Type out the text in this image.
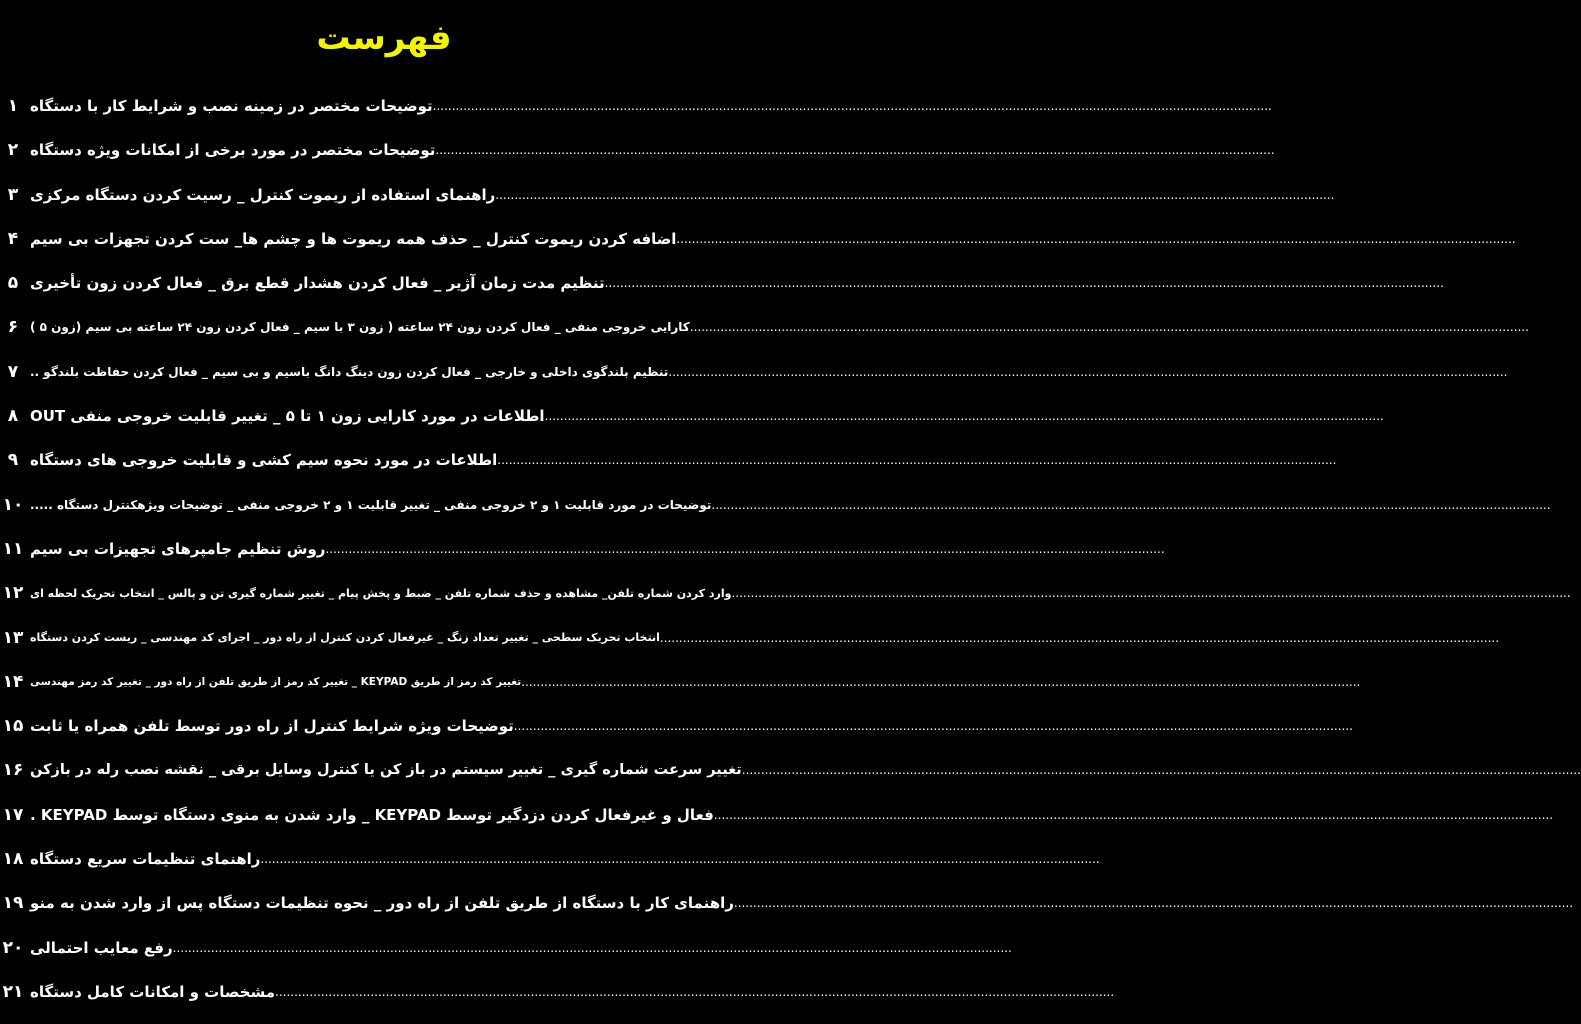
فهرست
۱ توضیحات مختصر در زمینه نصب و شرایط کار با دستگاه ............................................................................................................................................................................................................................
۲ توضیحات مختصر در مورد برخی از امکانات ویژه دستگاه ............................................................................................................................................................................................................................
۳ راهنمای استفاده از ریموت کنترل _ رسیت کردن دستگاه مرکزی ............................................................................................................................................................................................................................
۴ اضافه کردن ریموت کنترل _ حذف همه ریموت ها و چشم ها_ ست کردن تجهزات بی سیم ............................................................................................................................................................................................................................
۵ تنظیم مدت زمان آژیر _ فعال کردن هشدار قطع برق _ فعال کردن زون تأخیری ............................................................................................................................................................................................................................
۶ کارایی خروجی منفی _ فعال کردن زون ۲۴ ساعته ( زون ۳ با سیم _ فعال کردن زون ۲۴ ساعته بی سیم (زون ۵ ) ............................................................................................................................................................................................................................
۷ تنظیم بلندگوی داخلی و خارجی _ فعال کردن زون دینگ دانگ باسیم و بی سیم _ فعال کردن حفاظت بلندگو .. ............................................................................................................................................................................................................................
۸ اطلاعات در مورد کارایی زون ۱ تا ۵ _ تغییر قابلیت خروجی منفی OUT ............................................................................................................................................................................................................................
۹ اطلاعات در مورد نحوه سیم کشی و قابلیت خروجی های دستگاه ............................................................................................................................................................................................................................
۱۰ توضیحات در مورد قابلیت ۱ و ۲ خروجی منفی _ تغییر قابلیت ۱ و ۲ خروجی منفی _ توضیحات ویژهکنترل دستگاه ..... ............................................................................................................................................................................................................................
۱۱ روش تنظیم جامپرهای تجهیزات بی سیم ............................................................................................................................................................................................................................
۱۲ وارد کردن شماره تلفن_ مشاهده و حذف شماره تلفن _ ضبط و پخش پیام _ تغییر شماره گیری تن و پالس _ انتخاب تحریک لحظه ای ............................................................................................................................................................................................................................
۱۳ انتخاب تحریک سطحی _ تغییر تعداد زنگ _ غیرفعال کردن کنترل از راه دور _ اجرای کد مهندسی _ ریست کردن دستگاه ............................................................................................................................................................................................................................
۱۴ تغییر کد رمز از طریق KEYPAD _ تغییر کد رمز از طریق تلفن از راه دور _ تغییر کد رمز مهندسی ............................................................................................................................................................................................................................
۱۵ توضیحات ویژه شرایط کنترل از راه دور توسط تلفن همراه یا ثابت ............................................................................................................................................................................................................................
۱۶ تغییر سرعت شماره گیری _ تغییر سیستم در باز کن یا کنترل وسایل برقی _ نقشه نصب رله در بازکن ............................................................................................................................................................................................................................
۱۷ فعال و غیرفعال کردن دزدگیر توسط KEYPAD _ وارد شدن به منوی دستگاه توسط KEYPAD . ............................................................................................................................................................................................................................
۱۸ راهنمای تنظیمات سریع دستگاه ............................................................................................................................................................................................................................
۱۹ راهنمای کار با دستگاه از طریق تلفن از راه دور _ نحوه تنظیمات دستگاه پس از وارد شدن به منو ............................................................................................................................................................................................................................
۲۰ رفع معایب احتمالی ............................................................................................................................................................................................................................
۲۱ مشخصات و امکانات کامل دستگاه ............................................................................................................................................................................................................................
